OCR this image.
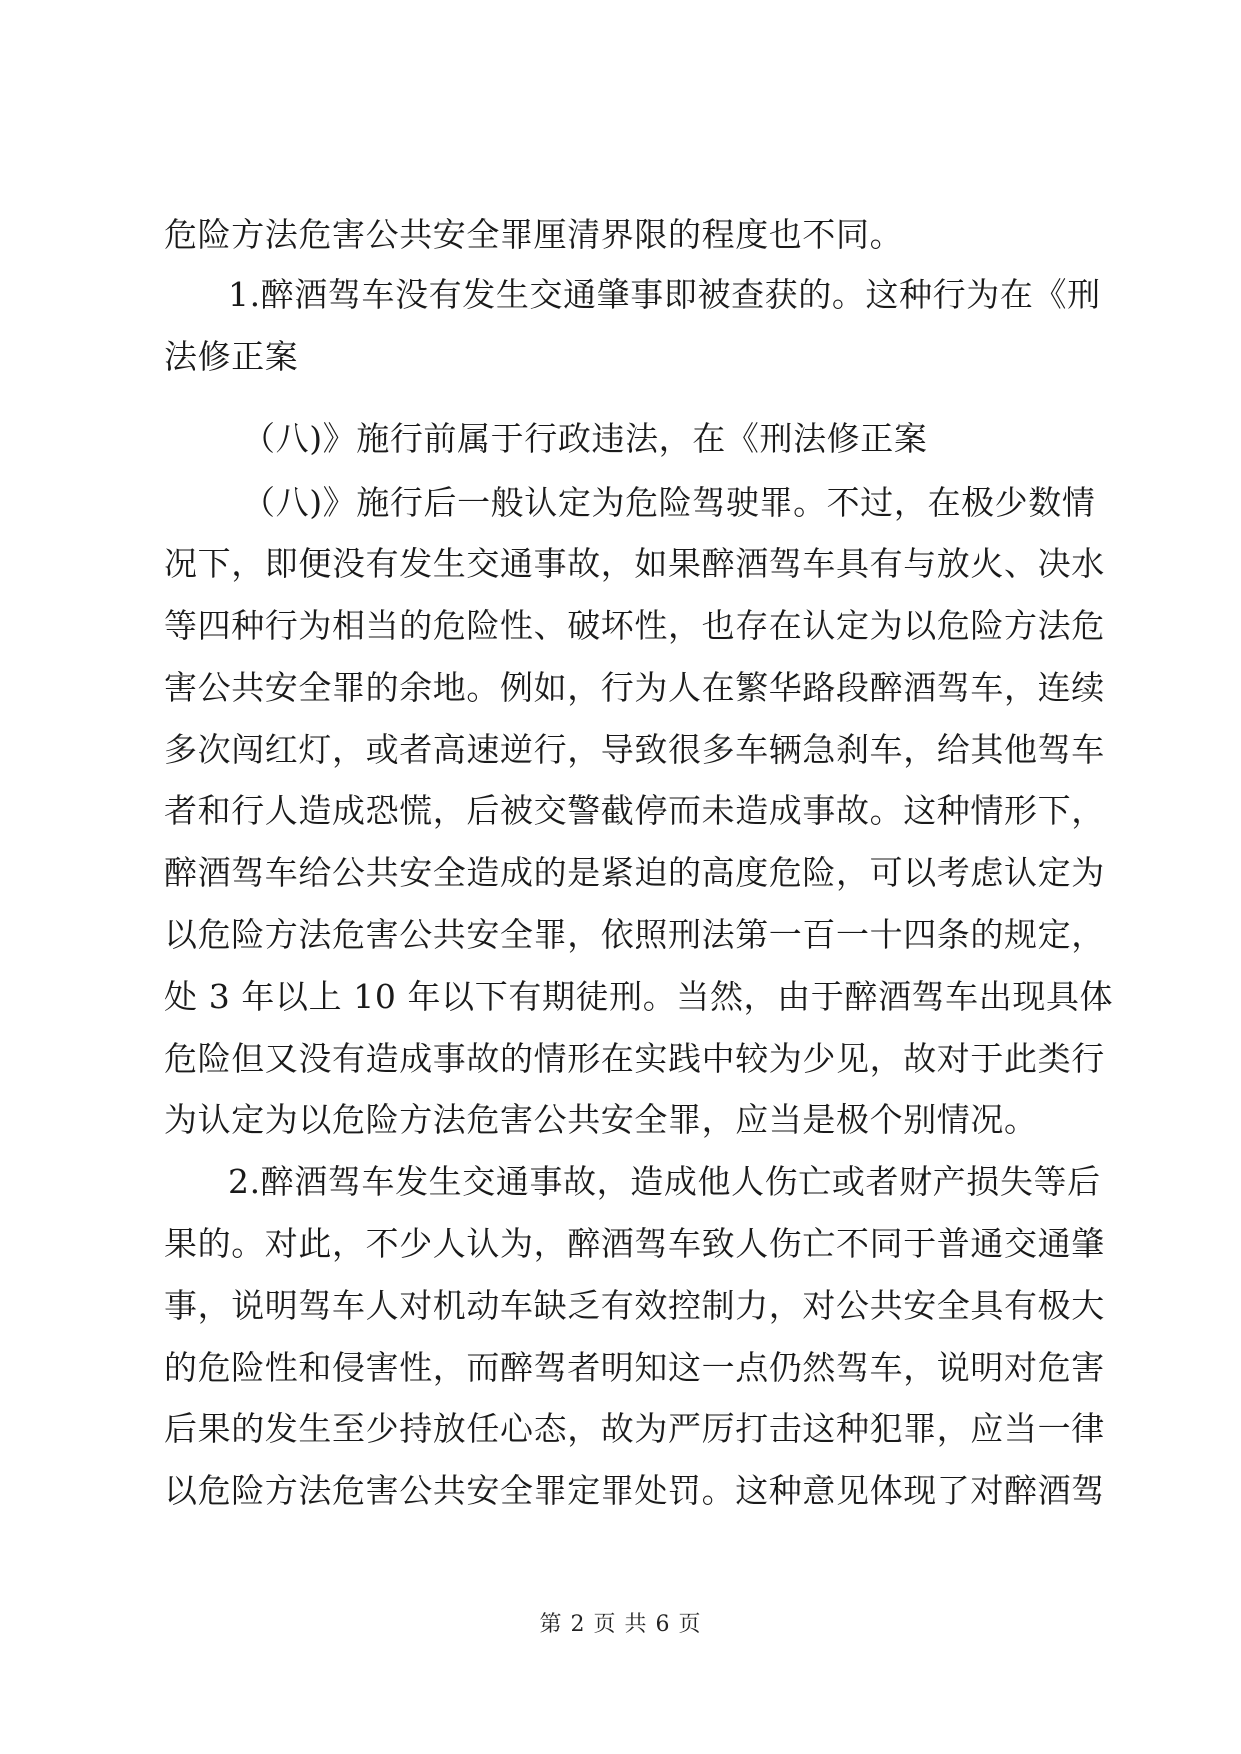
危险方法危害公共安全罪厘清界限的程度也不同。
1.醉酒驾车没有发生交通肇事即被查获的。这种行为在《刑
法修正案
（八)》施行前属于行政违法，在《刑法修正案
（八)》施行后一般认定为危险驾驶罪。不过，在极少数情
况下，即便没有发生交通事故，如果醉酒驾车具有与放火、决水
等四种行为相当的危险性、破坏性，也存在认定为以危险方法危
害公共安全罪的余地。例如，行为人在繁华路段醉酒驾车，连续
多次闯红灯，或者高速逆行，导致很多车辆急刹车，给其他驾车
者和行人造成恐慌，后被交警截停而未造成事故。这种情形下，
醉酒驾车给公共安全造成的是紧迫的高度危险，可以考虑认定为
以危险方法危害公共安全罪，依照刑法第一百一十四条的规定，
处 3 年以上 10 年以下有期徒刑。当然，由于醉酒驾车出现具体
危险但又没有造成事故的情形在实践中较为少见，故对于此类行
为认定为以危险方法危害公共安全罪，应当是极个别情况。
2.醉酒驾车发生交通事故，造成他人伤亡或者财产损失等后
果的。对此，不少人认为，醉酒驾车致人伤亡不同于普通交通肇
事，说明驾车人对机动车缺乏有效控制力，对公共安全具有极大
的危险性和侵害性，而醉驾者明知这一点仍然驾车，说明对危害
后果的发生至少持放任心态，故为严厉打击这种犯罪，应当一律
以危险方法危害公共安全罪定罪处罚。这种意见体现了对醉酒驾
第 2 页 共 6 页
